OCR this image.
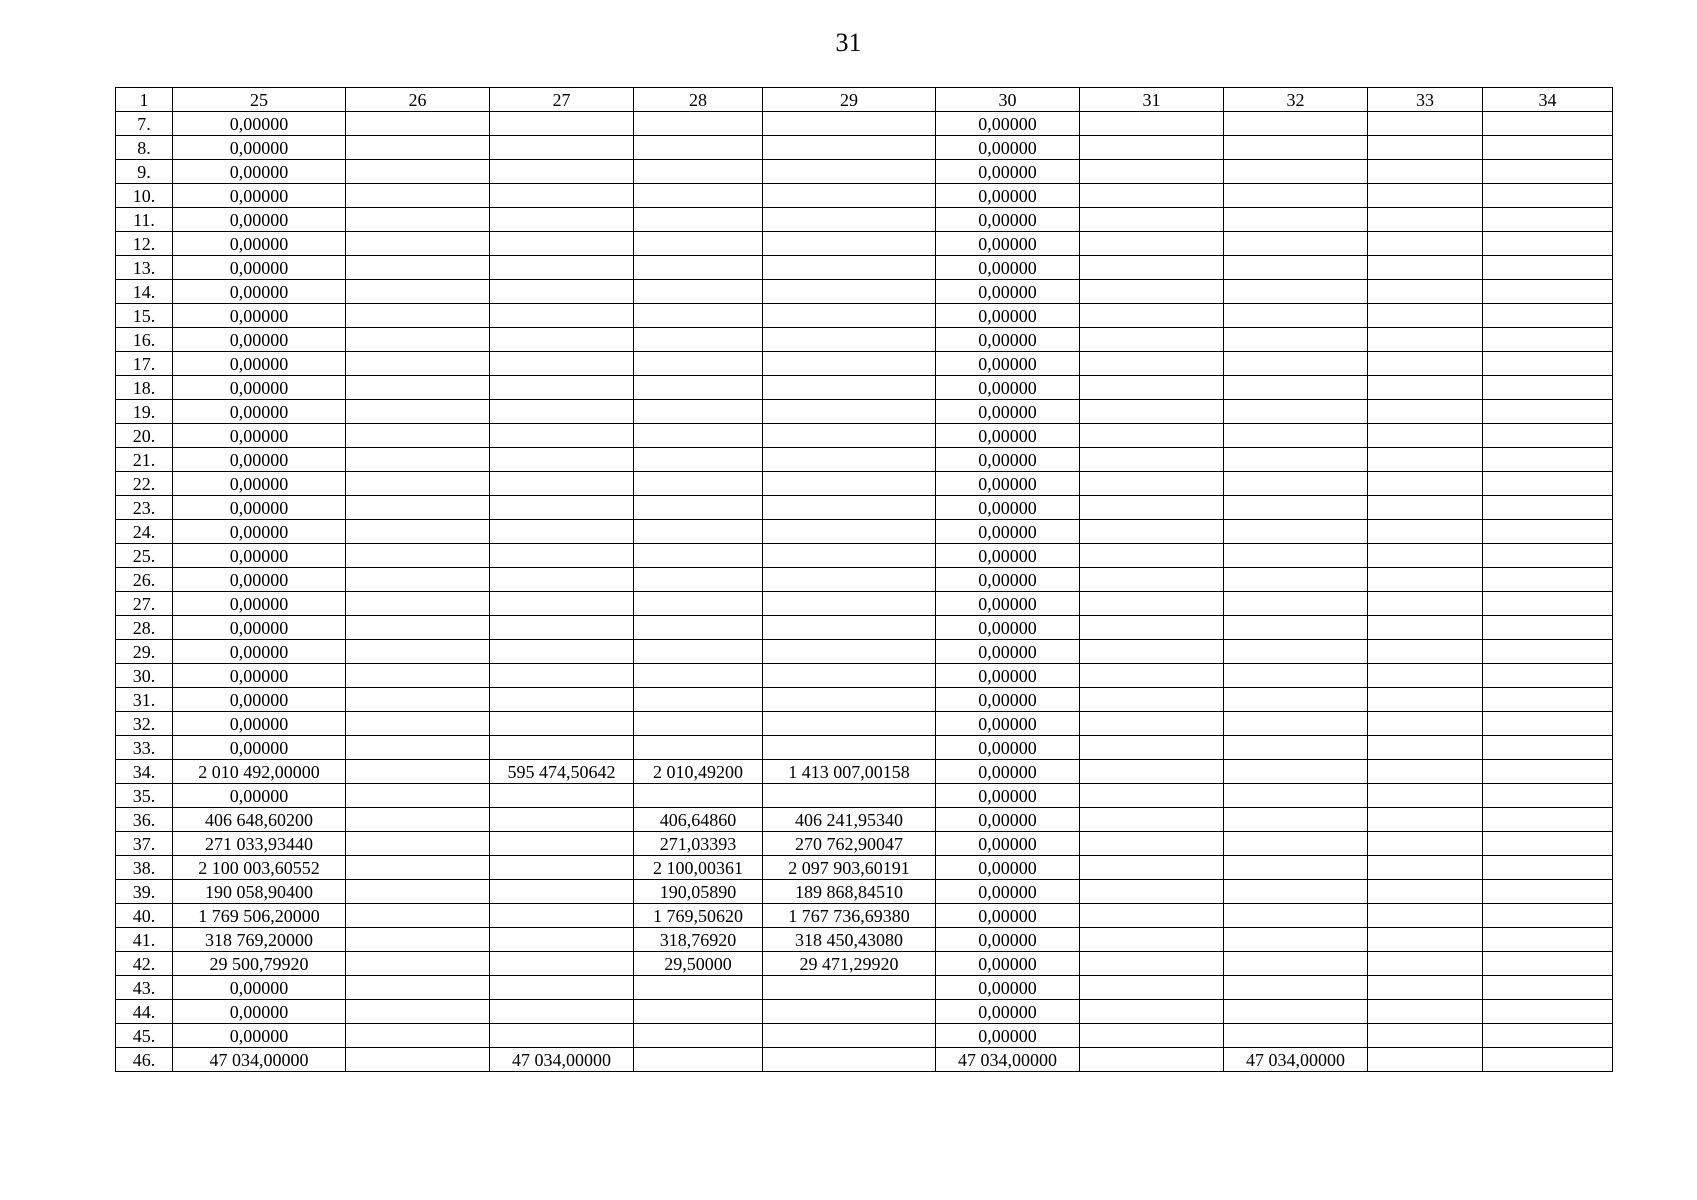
31
1	25	26	27	28	29	30	31	32	33	34
7.	0,00000					0,00000				
8.	0,00000					0,00000				
9.	0,00000					0,00000				
10.	0,00000					0,00000				
11.	0,00000					0,00000				
12.	0,00000					0,00000				
13.	0,00000					0,00000				
14.	0,00000					0,00000				
15.	0,00000					0,00000				
16.	0,00000					0,00000				
17.	0,00000					0,00000				
18.	0,00000					0,00000				
19.	0,00000					0,00000				
20.	0,00000					0,00000				
21.	0,00000					0,00000				
22.	0,00000					0,00000				
23.	0,00000					0,00000				
24.	0,00000					0,00000				
25.	0,00000					0,00000				
26.	0,00000					0,00000				
27.	0,00000					0,00000				
28.	0,00000					0,00000				
29.	0,00000					0,00000				
30.	0,00000					0,00000				
31.	0,00000					0,00000				
32.	0,00000					0,00000				
33.	0,00000					0,00000				
34.	2 010 492,00000		595 474,50642	2 010,49200	1 413 007,00158	0,00000				
35.	0,00000					0,00000				
36.	406 648,60200			406,64860	406 241,95340	0,00000				
37.	271 033,93440			271,03393	270 762,90047	0,00000				
38.	2 100 003,60552			2 100,00361	2 097 903,60191	0,00000				
39.	190 058,90400			190,05890	189 868,84510	0,00000				
40.	1 769 506,20000			1 769,50620	1 767 736,69380	0,00000				
41.	318 769,20000			318,76920	318 450,43080	0,00000				
42.	29 500,79920			29,50000	29 471,29920	0,00000				
43.	0,00000					0,00000				
44.	0,00000					0,00000				
45.	0,00000					0,00000				
46.	47 034,00000		47 034,00000			47 034,00000		47 034,00000		
